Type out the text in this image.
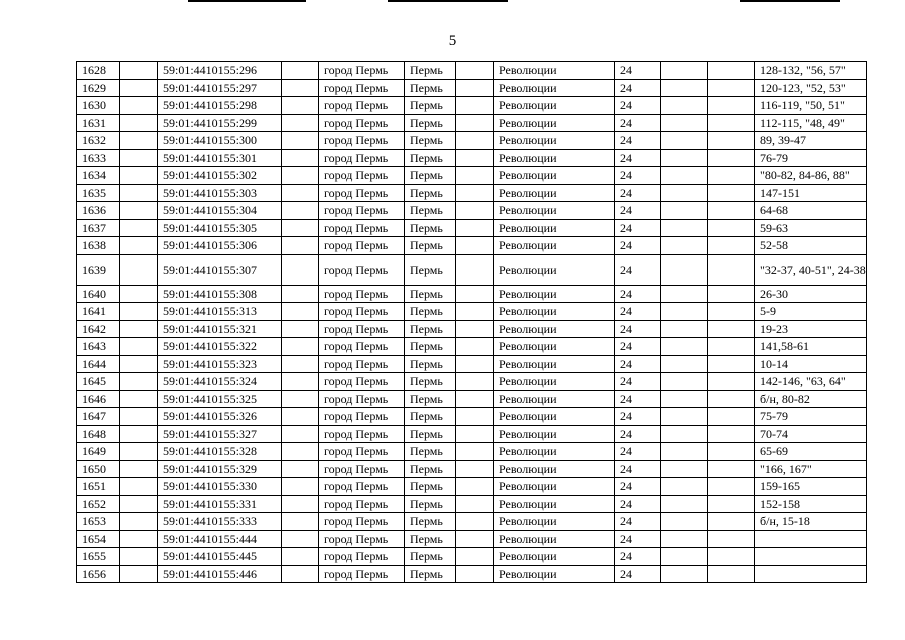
5
1628		59:01:4410155:296		город Пермь	Пермь		Революции	24			128-132, "56, 57"
1629		59:01:4410155:297		город Пермь	Пермь		Революции	24			120-123, "52, 53"
1630		59:01:4410155:298		город Пермь	Пермь		Революции	24			116-119, "50, 51"
1631		59:01:4410155:299		город Пермь	Пермь		Революции	24			112-115, "48, 49"
1632		59:01:4410155:300		город Пермь	Пермь		Революции	24			89, 39-47
1633		59:01:4410155:301		город Пермь	Пермь		Революции	24			76-79
1634		59:01:4410155:302		город Пермь	Пермь		Революции	24			"80-82, 84-86, 88"
1635		59:01:4410155:303		город Пермь	Пермь		Революции	24			147-151
1636		59:01:4410155:304		город Пермь	Пермь		Революции	24			64-68
1637		59:01:4410155:305		город Пермь	Пермь		Революции	24			59-63
1638		59:01:4410155:306		город Пермь	Пермь		Революции	24			52-58
1639		59:01:4410155:307		город Пермь	Пермь		Революции	24			"32-37, 40-51", 24-38
1640		59:01:4410155:308		город Пермь	Пермь		Революции	24			26-30
1641		59:01:4410155:313		город Пермь	Пермь		Революции	24			5-9
1642		59:01:4410155:321		город Пермь	Пермь		Революции	24			19-23
1643		59:01:4410155:322		город Пермь	Пермь		Революции	24			141,58-61
1644		59:01:4410155:323		город Пермь	Пермь		Революции	24			10-14
1645		59:01:4410155:324		город Пермь	Пермь		Революции	24			142-146, "63, 64"
1646		59:01:4410155:325		город Пермь	Пермь		Революции	24			б/н, 80-82
1647		59:01:4410155:326		город Пермь	Пермь		Революции	24			75-79
1648		59:01:4410155:327		город Пермь	Пермь		Революции	24			70-74
1649		59:01:4410155:328		город Пермь	Пермь		Революции	24			65-69
1650		59:01:4410155:329		город Пермь	Пермь		Революции	24			"166, 167"
1651		59:01:4410155:330		город Пермь	Пермь		Революции	24			159-165
1652		59:01:4410155:331		город Пермь	Пермь		Революции	24			152-158
1653		59:01:4410155:333		город Пермь	Пермь		Революции	24			б/н, 15-18
1654		59:01:4410155:444		город Пермь	Пермь		Революции	24			
1655		59:01:4410155:445		город Пермь	Пермь		Революции	24			
1656		59:01:4410155:446		город Пермь	Пермь		Революции	24			
